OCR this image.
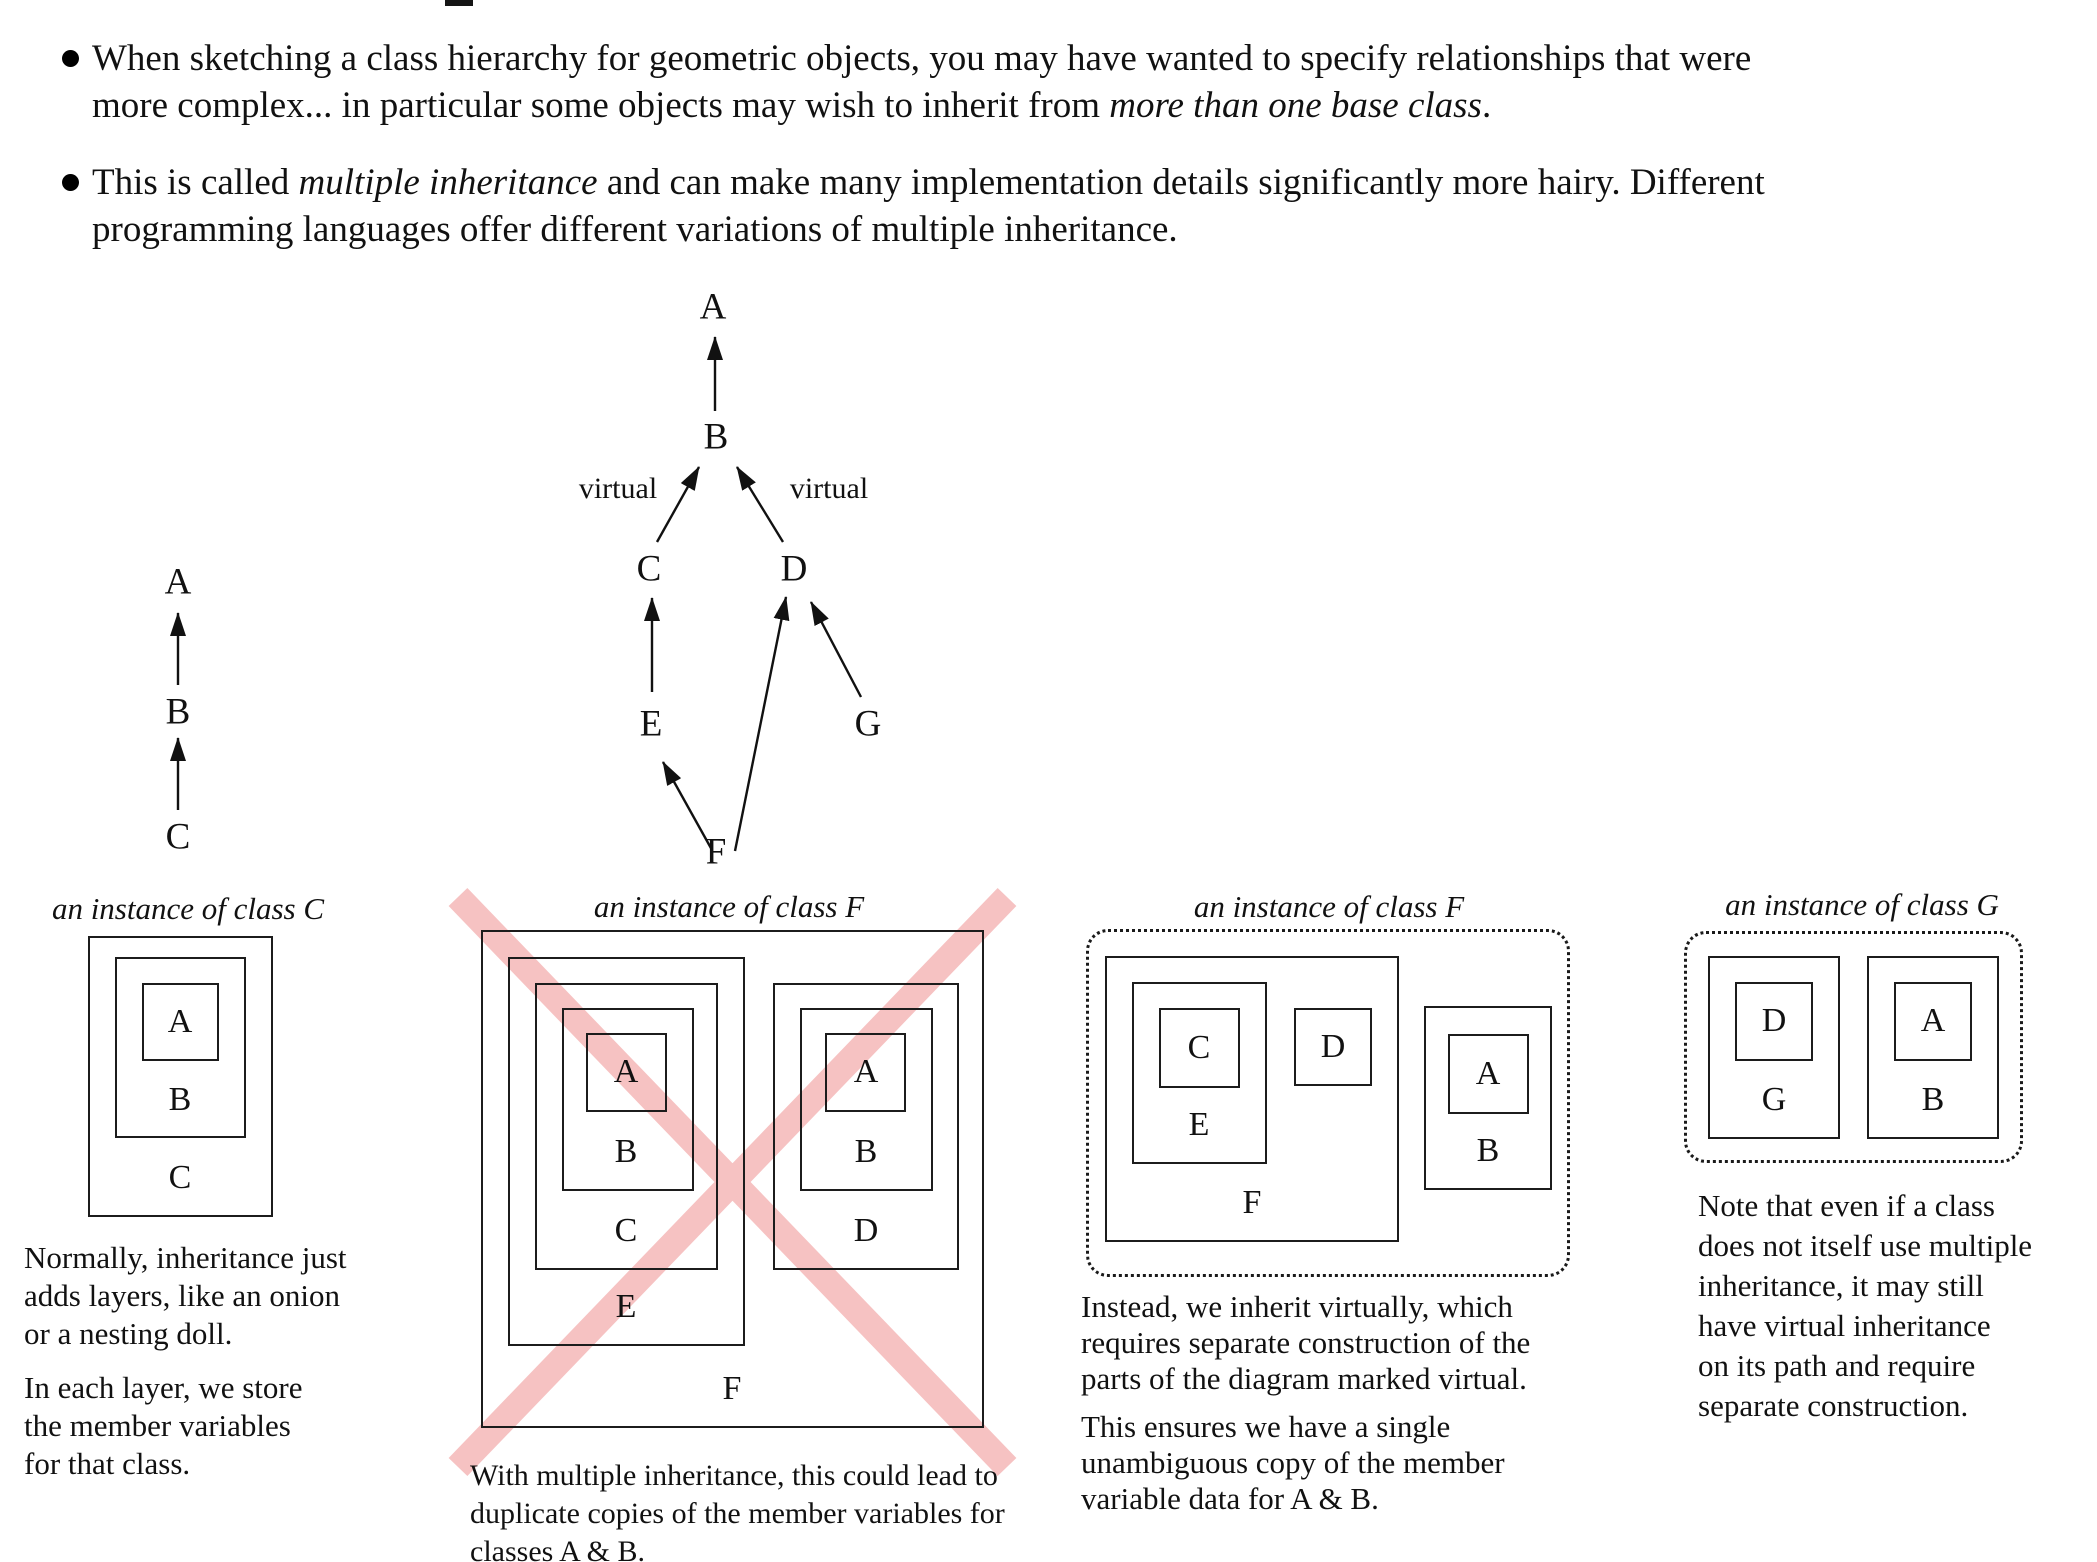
When sketching a class hierarchy for geometric objects, you may have wanted to specify relationships that were
more complex... in particular some objects may wish to inherit from more than one base class.
This is called multiple inheritance and can make many implementation details significantly more hairy. Different
programming languages offer different variations of multiple inheritance.
A
B
C
A
B
virtual	virtual
C	D
E	G
F
an instance of class C
A
B
C
Normally, inheritance just
adds layers, like an onion
or a nesting doll.
In each layer, we store
the member variables
for that class.
an instance of class F
A
B
C
E
F
A
B
D
With multiple inheritance, this could lead to
duplicate copies of the member variables for
classes A & B.
an instance of class F
C	D
E
F
A
B
Instead, we inherit virtually, which
requires separate construction of the
parts of the diagram marked virtual.
This ensures we have a single
unambiguous copy of the member
variable data for A & B.
an instance of class G
D
G
A
B
Note that even if a class
does not itself use multiple
inheritance, it may still
have virtual inheritance
on its path and require
separate construction.
